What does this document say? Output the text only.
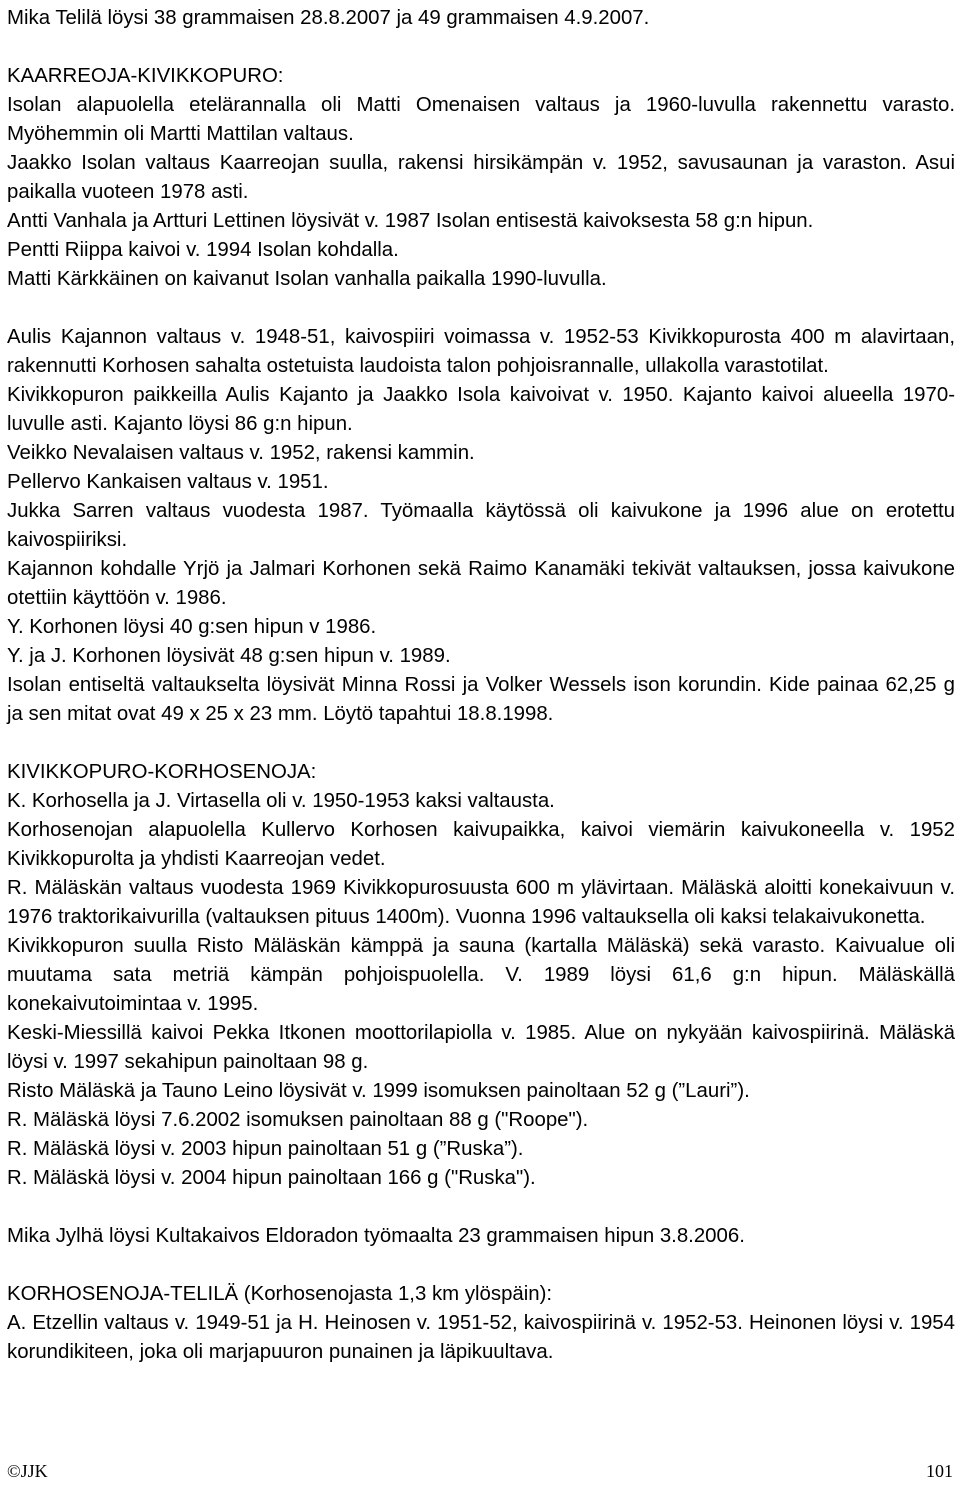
Mika Telilä löysi 38 grammaisen 28.8.2007 ja 49 grammaisen 4.9.2007.

KAARREOJA-KIVIKKOPURO:

Isolan alapuolella etelärannalla oli Matti Omenaisen valtaus ja 1960-luvulla rakennettu varasto. Myöhemmin oli Martti Mattilan valtaus.

Jaakko Isolan valtaus Kaarreojan suulla, rakensi hirsikämpän v. 1952, savusaunan ja varaston. Asui paikalla vuoteen 1978 asti.

Antti Vanhala ja Artturi Lettinen löysivät v. 1987 Isolan entisestä kaivoksesta 58 g:n hipun.

Pentti Riippa kaivoi v. 1994 Isolan kohdalla.

Matti Kärkkäinen on kaivanut Isolan vanhalla paikalla 1990-luvulla.

Aulis Kajannon valtaus v. 1948-51, kaivospiiri voimassa v. 1952-53 Kivikkopurosta 400 m alavirtaan, rakennutti Korhosen sahalta ostetuista laudoista talon pohjoisrannalle, ullakolla varastotilat.

Kivikkopuron paikkeilla Aulis Kajanto ja Jaakko Isola kaivoivat v. 1950. Kajanto kaivoi alueella 1970-luvulle asti. Kajanto löysi 86 g:n hipun.

Veikko Nevalaisen valtaus v. 1952, rakensi kammin.

Pellervo Kankaisen valtaus v. 1951.

Jukka Sarren valtaus vuodesta 1987. Työmaalla käytössä oli kaivukone ja 1996 alue on erotettu kaivospiiriksi.

Kajannon kohdalle Yrjö ja Jalmari Korhonen sekä Raimo Kanamäki tekivät valtauksen, jossa kaivukone otettiin käyttöön v. 1986.

Y. Korhonen löysi 40 g:sen hipun v 1986.

Y. ja J. Korhonen löysivät 48 g:sen hipun v. 1989.

Isolan entiseltä valtaukselta löysivät Minna Rossi ja Volker Wessels ison korundin. Kide painaa 62,25 g ja sen mitat ovat 49 x 25 x 23 mm. Löytö tapahtui 18.8.1998.

KIVIKKOPURO-KORHOSENOJA:

K. Korhosella ja J. Virtasella oli v. 1950-1953 kaksi valtausta.

Korhosenojan alapuolella Kullervo Korhosen kaivupaikka, kaivoi viemärin kaivukoneella v. 1952 Kivikkopurolta ja yhdisti Kaarreojan vedet.

R. Mäläskän valtaus vuodesta 1969 Kivikkopurosuusta 600 m ylävirtaan. Mäläskä aloitti konekaivuun v. 1976 traktorikaivurilla (valtauksen pituus 1400m). Vuonna 1996 valtauksella oli kaksi telakaivukonetta.

Kivikkopuron suulla Risto Mäläskän kämppä ja sauna (kartalla Mäläskä) sekä varasto. Kaivualue oli muutama sata metriä kämpän pohjoispuolella. V. 1989 löysi 61,6 g:n hipun. Mäläskällä konekaivutoimintaa v. 1995.

Keski-Miessillä kaivoi Pekka Itkonen moottorilapiolla v. 1985. Alue on nykyään kaivospiirinä. Mäläskä löysi v. 1997 sekahipun painoltaan 98 g.

Risto Mäläskä ja Tauno Leino löysivät v. 1999 isomuksen painoltaan 52 g (”Lauri”).

R. Mäläskä löysi 7.6.2002 isomuksen painoltaan 88 g ("Roope").

R. Mäläskä löysi v. 2003 hipun painoltaan 51 g (”Ruska”).

R. Mäläskä löysi v. 2004 hipun painoltaan 166 g ("Ruska").

Mika Jylhä löysi Kultakaivos Eldoradon työmaalta 23 grammaisen hipun 3.8.2006.

KORHOSENOJA-TELILÄ (Korhosenojasta 1,3 km ylöspäin):

A. Etzellin valtaus v. 1949-51 ja H. Heinosen v. 1951-52, kaivospiirinä v. 1952-53. Heinonen löysi v. 1954 korundikiteen, joka oli marjapuuron punainen ja läpikuultava.

©JJK	101
